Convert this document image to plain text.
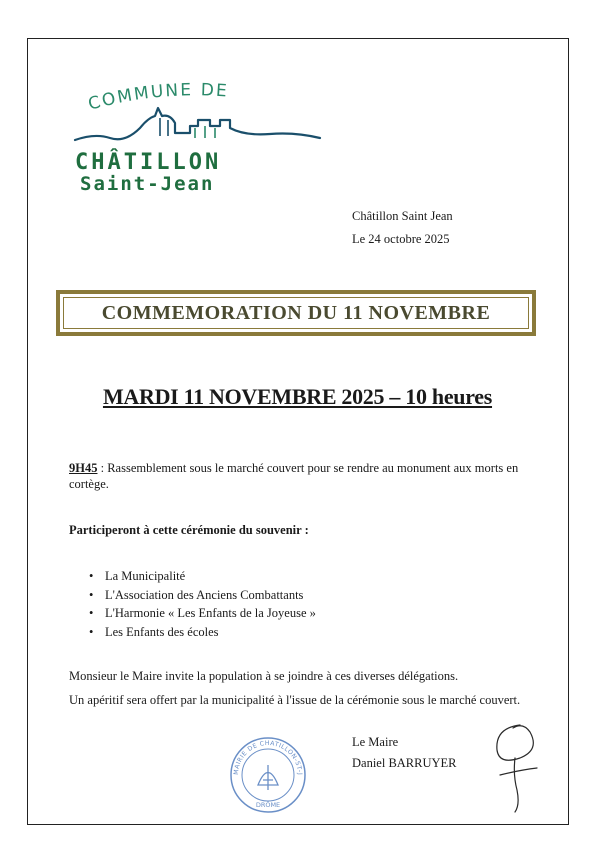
COMMUNE DE
CHÂTILLON
Saint-Jean
Châtillon Saint Jean
Le 24 octobre 2025
COMMEMORATION DU 11 NOVEMBRE
MARDI 11 NOVEMBRE 2025 – 10 heures
9H45 : Rassemblement sous le marché couvert pour se rendre au monument aux morts en cortège.
Participeront à cette cérémonie du souvenir :
• La Municipalité
• L'Association des Anciens Combattants
• L'Harmonie « Les Enfants de la Joyeuse »
• Les Enfants des écoles
Monsieur le Maire invite la population à se joindre à ces diverses délégations.
Un apéritif sera offert par la municipalité à l'issue de la cérémonie sous le marché couvert.
MAIRIE DE CHATILLON-ST-J
DRÔME
Le Maire
Daniel BARRUYER
